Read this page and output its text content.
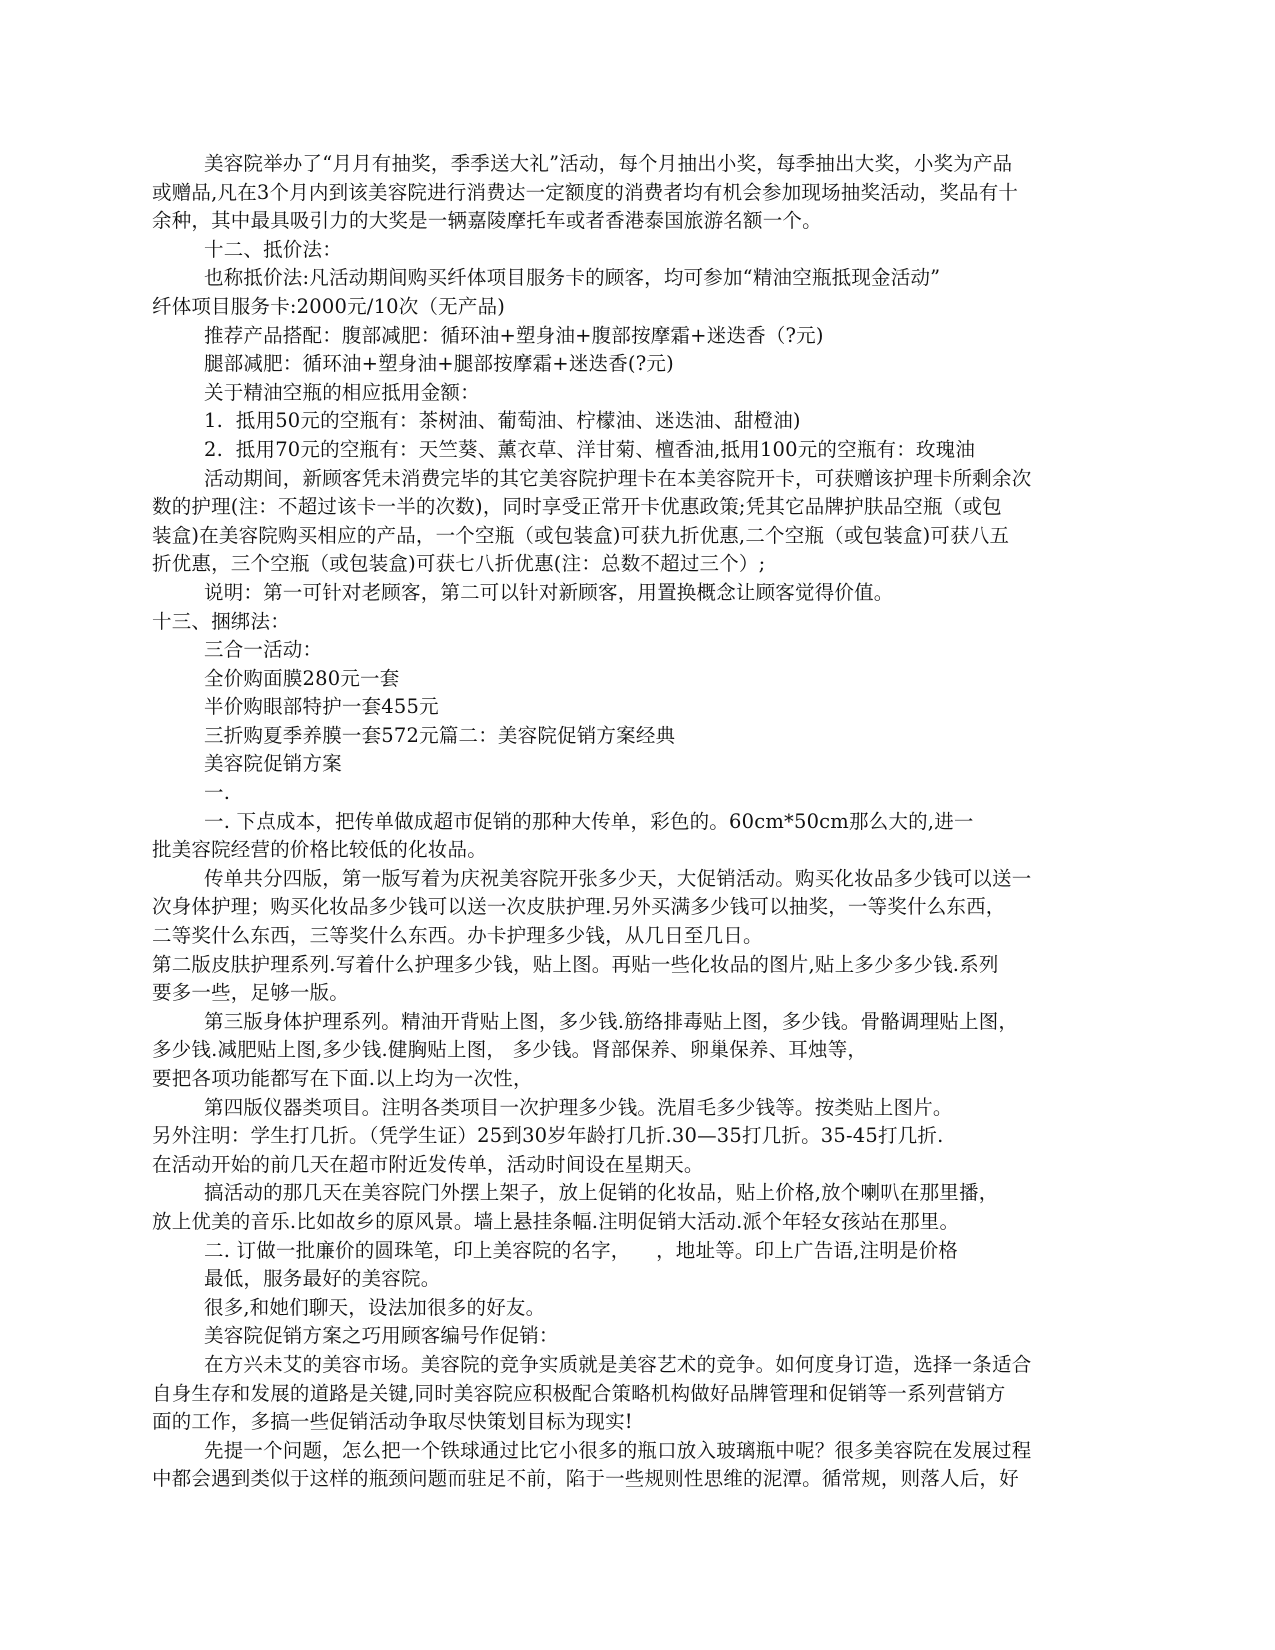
美容院举办了“月月有抽奖，季季送大礼”活动，每个月抽出小奖，每季抽出大奖，小奖为产品
或赠品,凡在3个月内到该美容院进行消费达一定额度的消费者均有机会参加现场抽奖活动，奖品有十
余种，其中最具吸引力的大奖是一辆嘉陵摩托车或者香港泰国旅游名额一个。
十二、抵价法：
也称抵价法:凡活动期间购买纤体项目服务卡的顾客，均可参加“精油空瓶抵现金活动”
纤体项目服务卡:2000元/10次（无产品)
推荐产品搭配：腹部减肥：循环油+塑身油+腹部按摩霜+迷迭香（?元)
腿部减肥：循环油+塑身油+腿部按摩霜+迷迭香(?元)
关于精油空瓶的相应抵用金额：
1.  抵用50元的空瓶有：茶树油、葡萄油、柠檬油、迷迭油、甜橙油)
2.  抵用70元的空瓶有：天竺葵、薰衣草、洋甘菊、檀香油,抵用100元的空瓶有：玫瑰油
活动期间，新顾客凭未消费完毕的其它美容院护理卡在本美容院开卡，可获赠该护理卡所剩余次
数的护理(注：不超过该卡一半的次数)，同时享受正常开卡优惠政策;凭其它品牌护肤品空瓶（或包
装盒)在美容院购买相应的产品，一个空瓶（或包装盒)可获九折优惠,二个空瓶（或包装盒)可获八五
折优惠，三个空瓶（或包装盒)可获七八折优惠(注：总数不超过三个）;
说明：第一可针对老顾客，第二可以针对新顾客，用置换概念让顾客觉得价值。
十三、捆绑法：
三合一活动：
全价购面膜280元一套
半价购眼部特护一套455元
三折购夏季养膜一套572元篇二：美容院促销方案经典
美容院促销方案
一.
一. 下点成本，把传单做成超市促销的那种大传单，彩色的。60cm*50cm那么大的,进一
批美容院经营的价格比较低的化妆品。
传单共分四版，第一版写着为庆祝美容院开张多少天，大促销活动。购买化妆品多少钱可以送一
次身体护理；购买化妆品多少钱可以送一次皮肤护理.另外买满多少钱可以抽奖，一等奖什么东西，
二等奖什么东西，三等奖什么东西。办卡护理多少钱，从几日至几日。
第二版皮肤护理系列.写着什么护理多少钱，贴上图。再贴一些化妆品的图片,贴上多少多少钱.系列
要多一些，足够一版。
第三版身体护理系列。精油开背贴上图，多少钱.筋络排毒贴上图，多少钱。骨骼调理贴上图，
多少钱.减肥贴上图,多少钱.健胸贴上图， 多少钱。肾部保养、卵巢保养、耳烛等，
要把各项功能都写在下面.以上均为一次性，
第四版仪器类项目。注明各类项目一次护理多少钱。洗眉毛多少钱等。按类贴上图片。
另外注明：学生打几折。（凭学生证）25到30岁年龄打几折.30—35打几折。35-45打几折.
在活动开始的前几天在超市附近发传单，活动时间设在星期天。
搞活动的那几天在美容院门外摆上架子，放上促销的化妆品，贴上价格,放个喇叭在那里播，
放上优美的音乐.比如故乡的原风景。墙上悬挂条幅.注明促销大活动.派个年轻女孩站在那里。
二. 订做一批廉价的圆珠笔，印上美容院的名字，    ，地址等。印上广告语,注明是价格
最低，服务最好的美容院。
很多,和她们聊天，设法加很多的好友。
美容院促销方案之巧用顾客编号作促销：
在方兴未艾的美容市场。美容院的竞争实质就是美容艺术的竞争。如何度身订造，选择一条适合
自身生存和发展的道路是关键,同时美容院应积极配合策略机构做好品牌管理和促销等一系列营销方
面的工作，多搞一些促销活动争取尽快策划目标为现实!
先提一个问题，怎么把一个铁球通过比它小很多的瓶口放入玻璃瓶中呢？很多美容院在发展过程
中都会遇到类似于这样的瓶颈问题而驻足不前，陷于一些规则性思维的泥潭。循常规，则落人后，好
